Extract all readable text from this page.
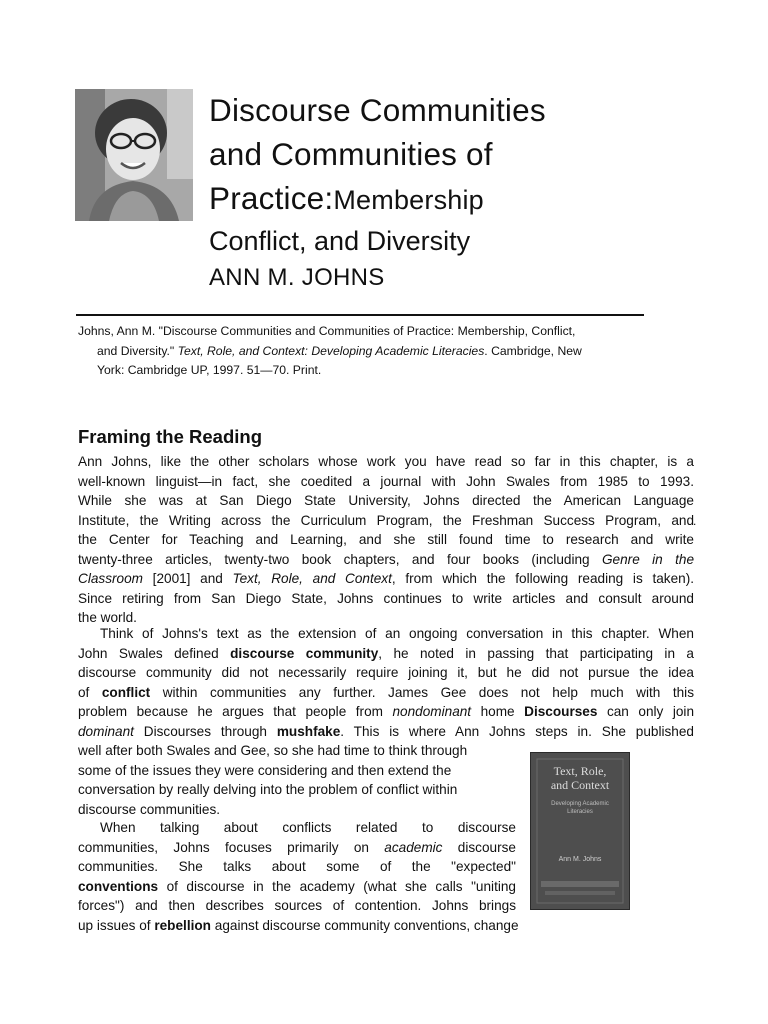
Discourse Communities
and Communities of
Practice:Membership
Conflict, and Diversity
ANN M. JOHNS
Johns, Ann M. "Discourse Communities and Communities of Practice: Membership, Conflict,
and Diversity." Text, Role, and Context: Developing Academic Literacies. Cambridge, New
York: Cambridge UP, 1997. 51—70. Print.
Framing the Reading
Ann Johns, like the other scholars whose work you have read so far in this chapter, is a
well-known linguist—in fact, she coedited a journal with John Swales from 1985 to 1993.
While she was at San Diego State University, Johns directed the American Language
Institute, the Writing across the Curriculum Program, the Freshman Success Program, and
the Center for Teaching and Learning, and she still found time to research and write
twenty-three articles, twenty-two book chapters, and four books (including Genre in the
Classroom [2001] and Text, Role, and Context, from which the following reading is taken).
Since retiring from San Diego State, Johns continues to write articles and consult around
the world.
.
Think of Johns's text as the extension of an ongoing conversation in this chapter. When
John Swales defined discourse community, he noted in passing that participating in a
discourse community did not necessarily require joining it, but he did not pursue the idea
of conflict within communities any further. James Gee does not help much with this
problem because he argues that people from nondominant home Discourses can only join
dominant Discourses through mushfake. This is where Ann Johns steps in. She published
well after both Swales and Gee, so she had time to think through
some of the issues they were considering and then extend the
conversation by really delving into the problem of conflict within
discourse communities.
When talking about conflicts related to discourse
communities, Johns focuses primarily on academic discourse
communities. She talks about some of the "expected"
conventions of discourse in the academy (what she calls "uniting
forces") and then describes sources of contention. Johns brings
up issues of rebellion against discourse community conventions, change
Text, Role,
and Context
Developing Academic
Literacies
Ann M. Johns
